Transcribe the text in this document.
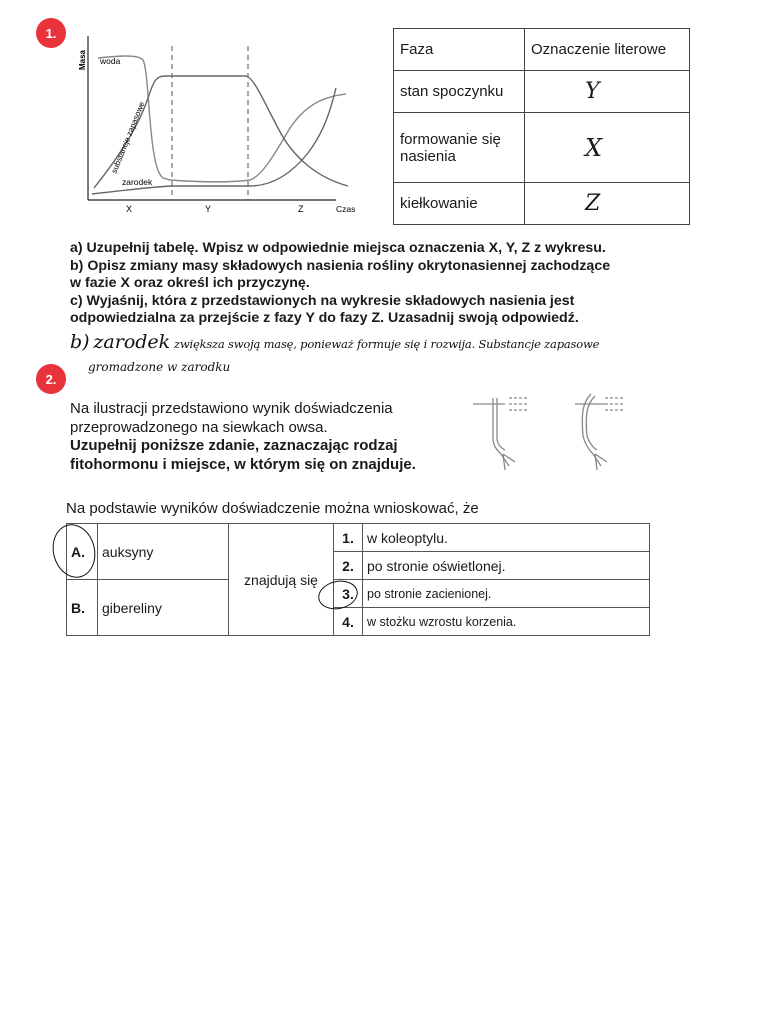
1.
Masa woda
substancje zapasowe
zarodek
X	Y	Z	Czas
Faza	Oznaczenie literowe
stan spoczynku	Y
formowanie się nasienia	X
kiełkowanie	Z
a) Uzupełnij tabelę. Wpisz w odpowiednie miejsca oznaczenia X, Y, Z z wykresu.
b) Opisz zmiany masy składowych nasienia rośliny okrytonasiennej zachodzące
w fazie X oraz określ ich przyczynę.
c) Wyjaśnij, która z przedstawionych na wykresie składowych nasienia jest
odpowiedzialna za przejście z fazy Y do fazy Z. Uzasadnij swoją odpowiedź.
b) zarodek zwiększa swoją masę, ponieważ formuje się i rozwija. Substancje zapasowe
gromadzone w zarodku
2.
Na ilustracji przedstawiono wynik doświadczenia
przeprowadzonego na siewkach owsa.
Uzupełnij poniższe zdanie, zaznaczając rodzaj
fitohormonu i miejsce, w którym się on znajduje.
Na podstawie wyników doświadczenie można wnioskować, że
A.	auksyny	znajdują się	1.	w koleoptylu.
			2.	po stronie oświetlonej.
B.	gibereliny		3.	po stronie zacienionej.
			4.	w stożku wzrostu korzenia.
